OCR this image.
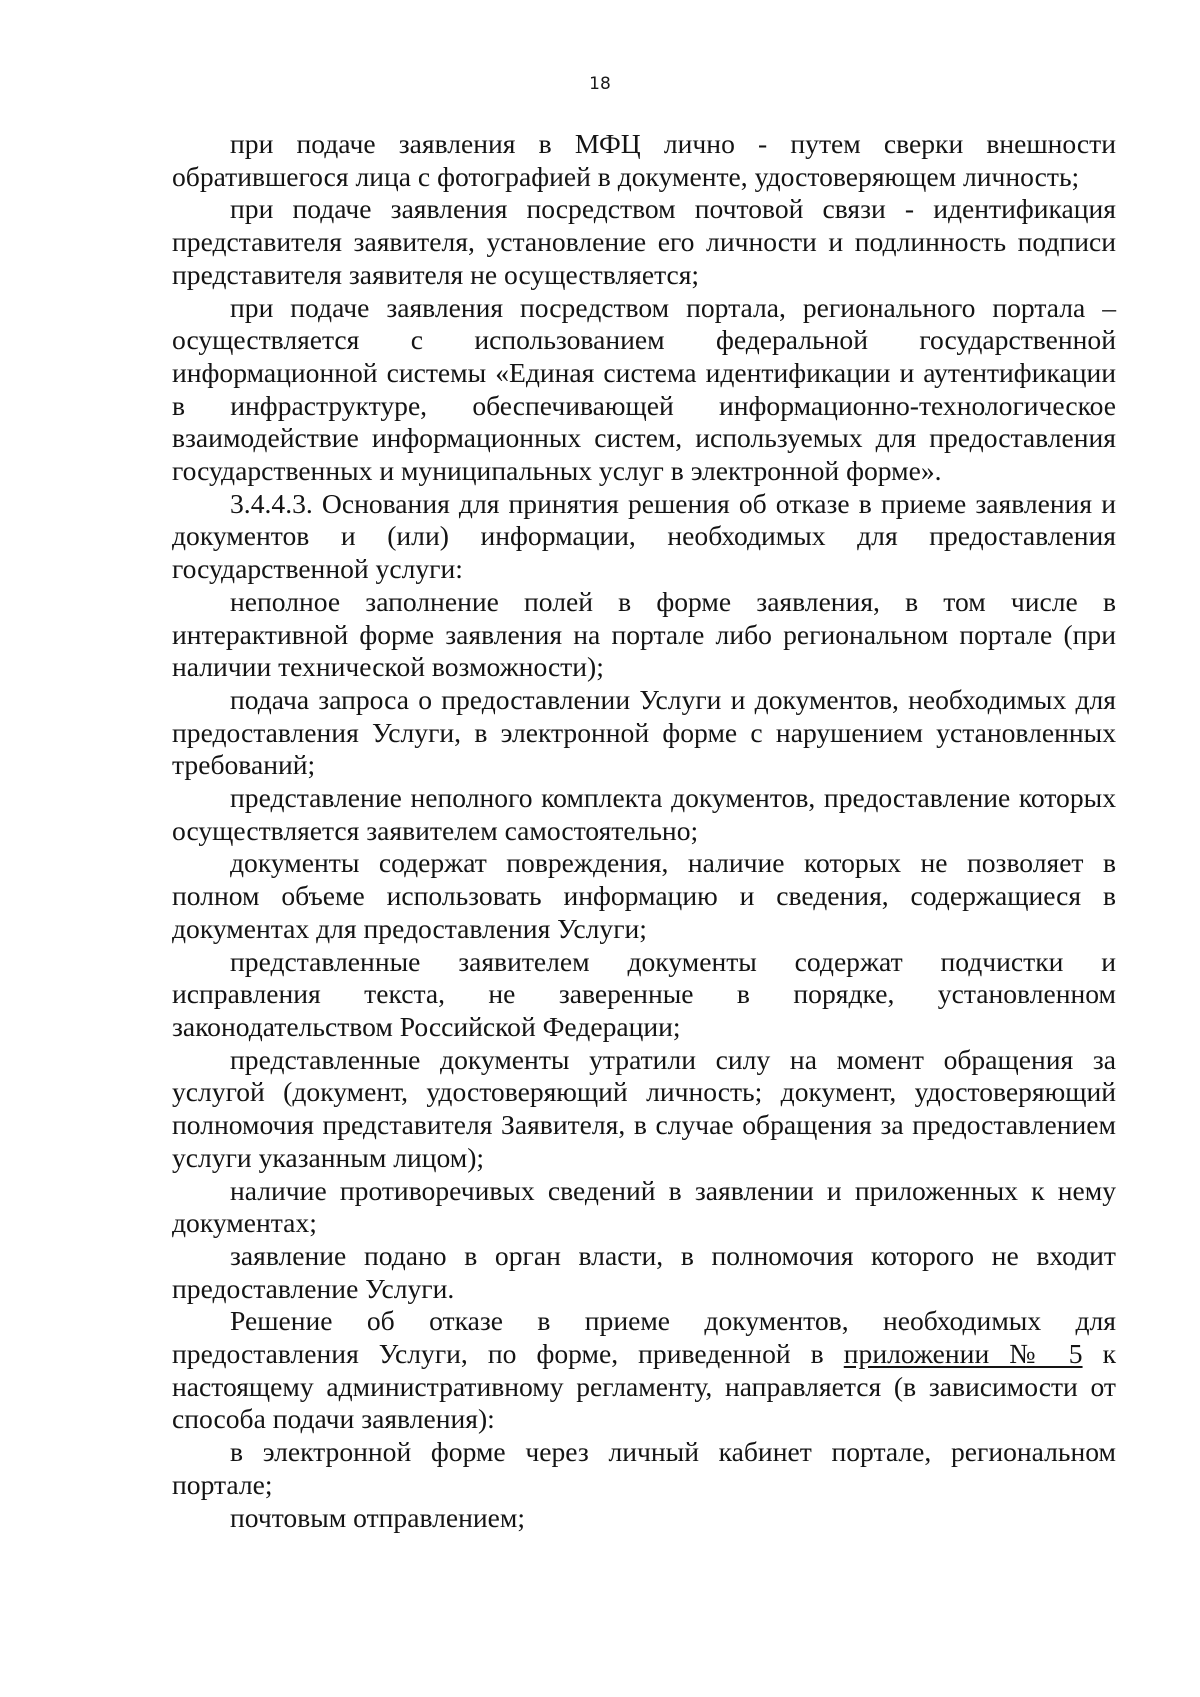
18

при подаче заявления в МФЦ лично - путем сверки внешности обратившегося лица с фотографией в документе, удостоверяющем личность;

при подаче заявления посредством почтовой связи - идентификация представителя заявителя, установление его личности и подлинность подписи представителя заявителя не осуществляется;

при подаче заявления посредством портала, регионального портала – осуществляется с использованием федеральной государственной информационной системы «Единая система идентификации и аутентификации в инфраструктуре, обеспечивающей информационно-технологическое взаимодействие информационных систем, используемых для предоставления государственных и муниципальных услуг в электронной форме».

3.4.4.3. Основания для принятия решения об отказе в приеме заявления и документов и (или) информации, необходимых для предоставления государственной услуги:

неполное заполнение полей в форме заявления, в том числе в интерактивной форме заявления на портале либо региональном портале (при наличии технической возможности);

подача запроса о предоставлении Услуги и документов, необходимых для предоставления Услуги, в электронной форме с нарушением установленных требований;

представление неполного комплекта документов, предоставление которых осуществляется заявителем самостоятельно;

документы содержат повреждения, наличие которых не позволяет в полном объеме использовать информацию и сведения, содержащиеся в документах для предоставления Услуги;

представленные заявителем документы содержат подчистки и исправления текста, не заверенные в порядке, установленном законодательством Российской Федерации;

представленные документы утратили силу на момент обращения за услугой (документ, удостоверяющий личность; документ, удостоверяющий полномочия представителя Заявителя, в случае обращения за предоставлением услуги указанным лицом);

наличие противоречивых сведений в заявлении и приложенных к нему документах;

заявление подано в орган власти, в полномочия которого не входит предоставление Услуги.

Решение об отказе в приеме документов, необходимых для предоставления Услуги, по форме, приведенной в приложении № 5 к настоящему административному регламенту, направляется (в зависимости от способа подачи заявления):

в электронной форме через личный кабинет портале, региональном портале;

почтовым отправлением;
